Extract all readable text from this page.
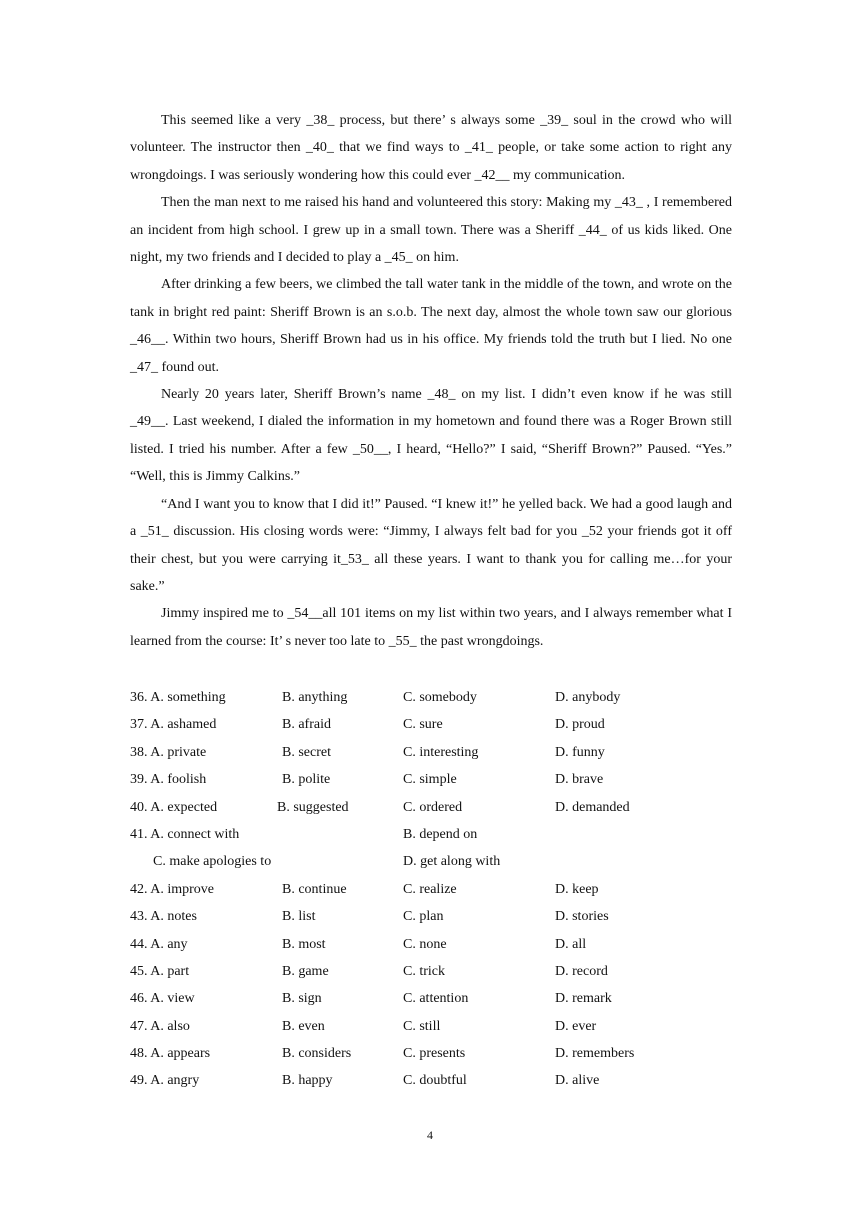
This seemed like a very _38_ process, but there’ s always some _39_ soul in the crowd who will volunteer. The instructor then _40_ that we find ways to _41_ people, or take some action to right any wrongdoings. I was seriously wondering how this could ever _42__ my communication.

Then the man next to me raised his hand and volunteered this story: Making my _43_ , I remembered an incident from high school. I grew up in a small town. There was a Sheriff _44_ of us kids liked. One night, my two friends and I decided to play a _45_ on him.

After drinking a few beers, we climbed the tall water tank in the middle of the town, and wrote on the tank in bright red paint: Sheriff Brown is an s.o.b. The next day, almost the whole town saw our glorious _46__. Within two hours, Sheriff Brown had us in his office. My friends told the truth but I lied. No one _47_ found out.

Nearly 20 years later, Sheriff Brown’s name _48_ on my list. I didn’t even know if he was still _49__. Last weekend, I dialed the information in my hometown and found there was a Roger Brown still listed. I tried his number. After a few _50__, I heard, “Hello?” I said, “Sheriff Brown?” Paused. “Yes.” “Well, this is Jimmy Calkins.”

“And I want you to know that I did it!” Paused. “I knew it!” he yelled back. We had a good laugh and a _51_ discussion. His closing words were: “Jimmy, I always felt bad for you _52 your friends got it off their chest, but you were carrying it_53_ all these years. I want to thank you for calling me…for your sake.”

Jimmy inspired me to _54__all 101 items on my list within two years, and I always remember what I learned from the course: It’ s never too late to _55_ the past wrongdoings.

36. A. something	B. anything	C. somebody	D. anybody
37. A. ashamed	B. afraid	C. sure	D. proud
38. A. private	B. secret	C. interesting	D. funny
39. A. foolish	B. polite	C. simple	D. brave
40. A. expected	B. suggested	C. ordered	D. demanded
41. A. connect with	B. depend on
C. make apologies to	D. get along with
42. A. improve	B. continue	C. realize	D. keep
43. A. notes	B. list	C. plan	D. stories
44. A. any	B. most	C. none	D. all
45. A. part	B. game	C. trick	D. record
46. A. view	B. sign	C. attention	D. remark
47. A. also	B. even	C. still	D. ever
48. A. appears	B. considers	C. presents	D. remembers
49. A. angry	B. happy	C. doubtful	D. alive
4
